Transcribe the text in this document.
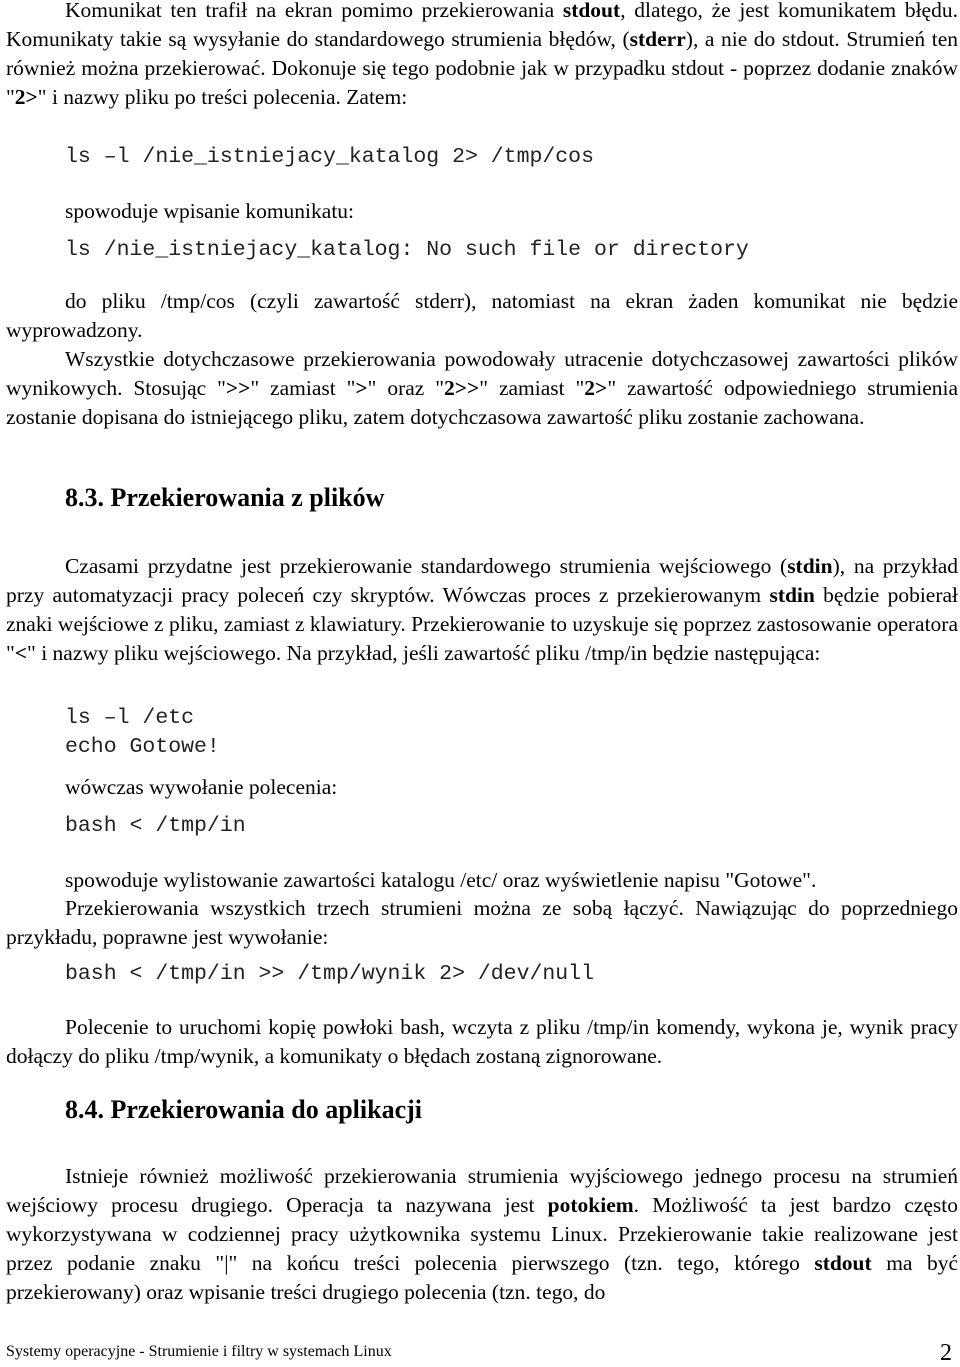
Komunikat ten trafił na ekran pomimo przekierowania stdout, dlatego, że jest komunikatem błędu. Komunikaty takie są wysyłanie do standardowego strumienia błędów, (stderr), a nie do stdout. Strumień ten również można przekierować. Dokonuje się tego podobnie jak w przypadku stdout - poprzez dodanie znaków "2>" i nazwy pliku po treści polecenia. Zatem:

ls –l /nie_istniejacy_katalog 2> /tmp/cos

spowoduje wpisanie komunikatu:

ls /nie_istniejacy_katalog: No such file or directory

do pliku /tmp/cos (czyli zawartość stderr), natomiast na ekran żaden komunikat nie będzie wyprowadzony.

Wszystkie dotychczasowe przekierowania powodowały utracenie dotychczasowej zawartości plików wynikowych. Stosując ">>" zamiast ">" oraz "2>>" zamiast "2>" zawartość odpowiedniego strumienia zostanie dopisana do istniejącego pliku, zatem dotychczasowa zawartość pliku zostanie zachowana.

8.3. Przekierowania z plików

Czasami przydatne jest przekierowanie standardowego strumienia wejściowego (stdin), na przykład przy automatyzacji pracy poleceń czy skryptów. Wówczas proces z przekierowanym stdin będzie pobierał znaki wejściowe z pliku, zamiast z klawiatury. Przekierowanie to uzyskuje się poprzez zastosowanie operatora "<" i nazwy pliku wejściowego. Na przykład, jeśli zawartość pliku /tmp/in będzie następująca:

ls –l /etc
echo Gotowe!

wówczas wywołanie polecenia:

bash < /tmp/in

spowoduje wylistowanie zawartości katalogu /etc/ oraz wyświetlenie napisu "Gotowe".

Przekierowania wszystkich trzech strumieni można ze sobą łączyć. Nawiązując do poprzedniego przykładu, poprawne jest wywołanie:

bash < /tmp/in >> /tmp/wynik 2> /dev/null

Polecenie to uruchomi kopię powłoki bash, wczyta z pliku /tmp/in komendy, wykona je, wynik pracy dołączy do pliku /tmp/wynik, a komunikaty o błędach zostaną zignorowane.

8.4. Przekierowania do aplikacji

Istnieje również możliwość przekierowania strumienia wyjściowego jednego procesu na strumień wejściowy procesu drugiego. Operacja ta nazywana jest potokiem. Możliwość ta jest bardzo często wykorzystywana w codziennej pracy użytkownika systemu Linux. Przekierowanie takie realizowane jest przez podanie znaku "|" na końcu treści polecenia pierwszego (tzn. tego, którego stdout ma być przekierowany) oraz wpisanie treści drugiego polecenia (tzn. tego, do

Systemy operacyjne - Strumienie i filtry w systemach Linux	2
